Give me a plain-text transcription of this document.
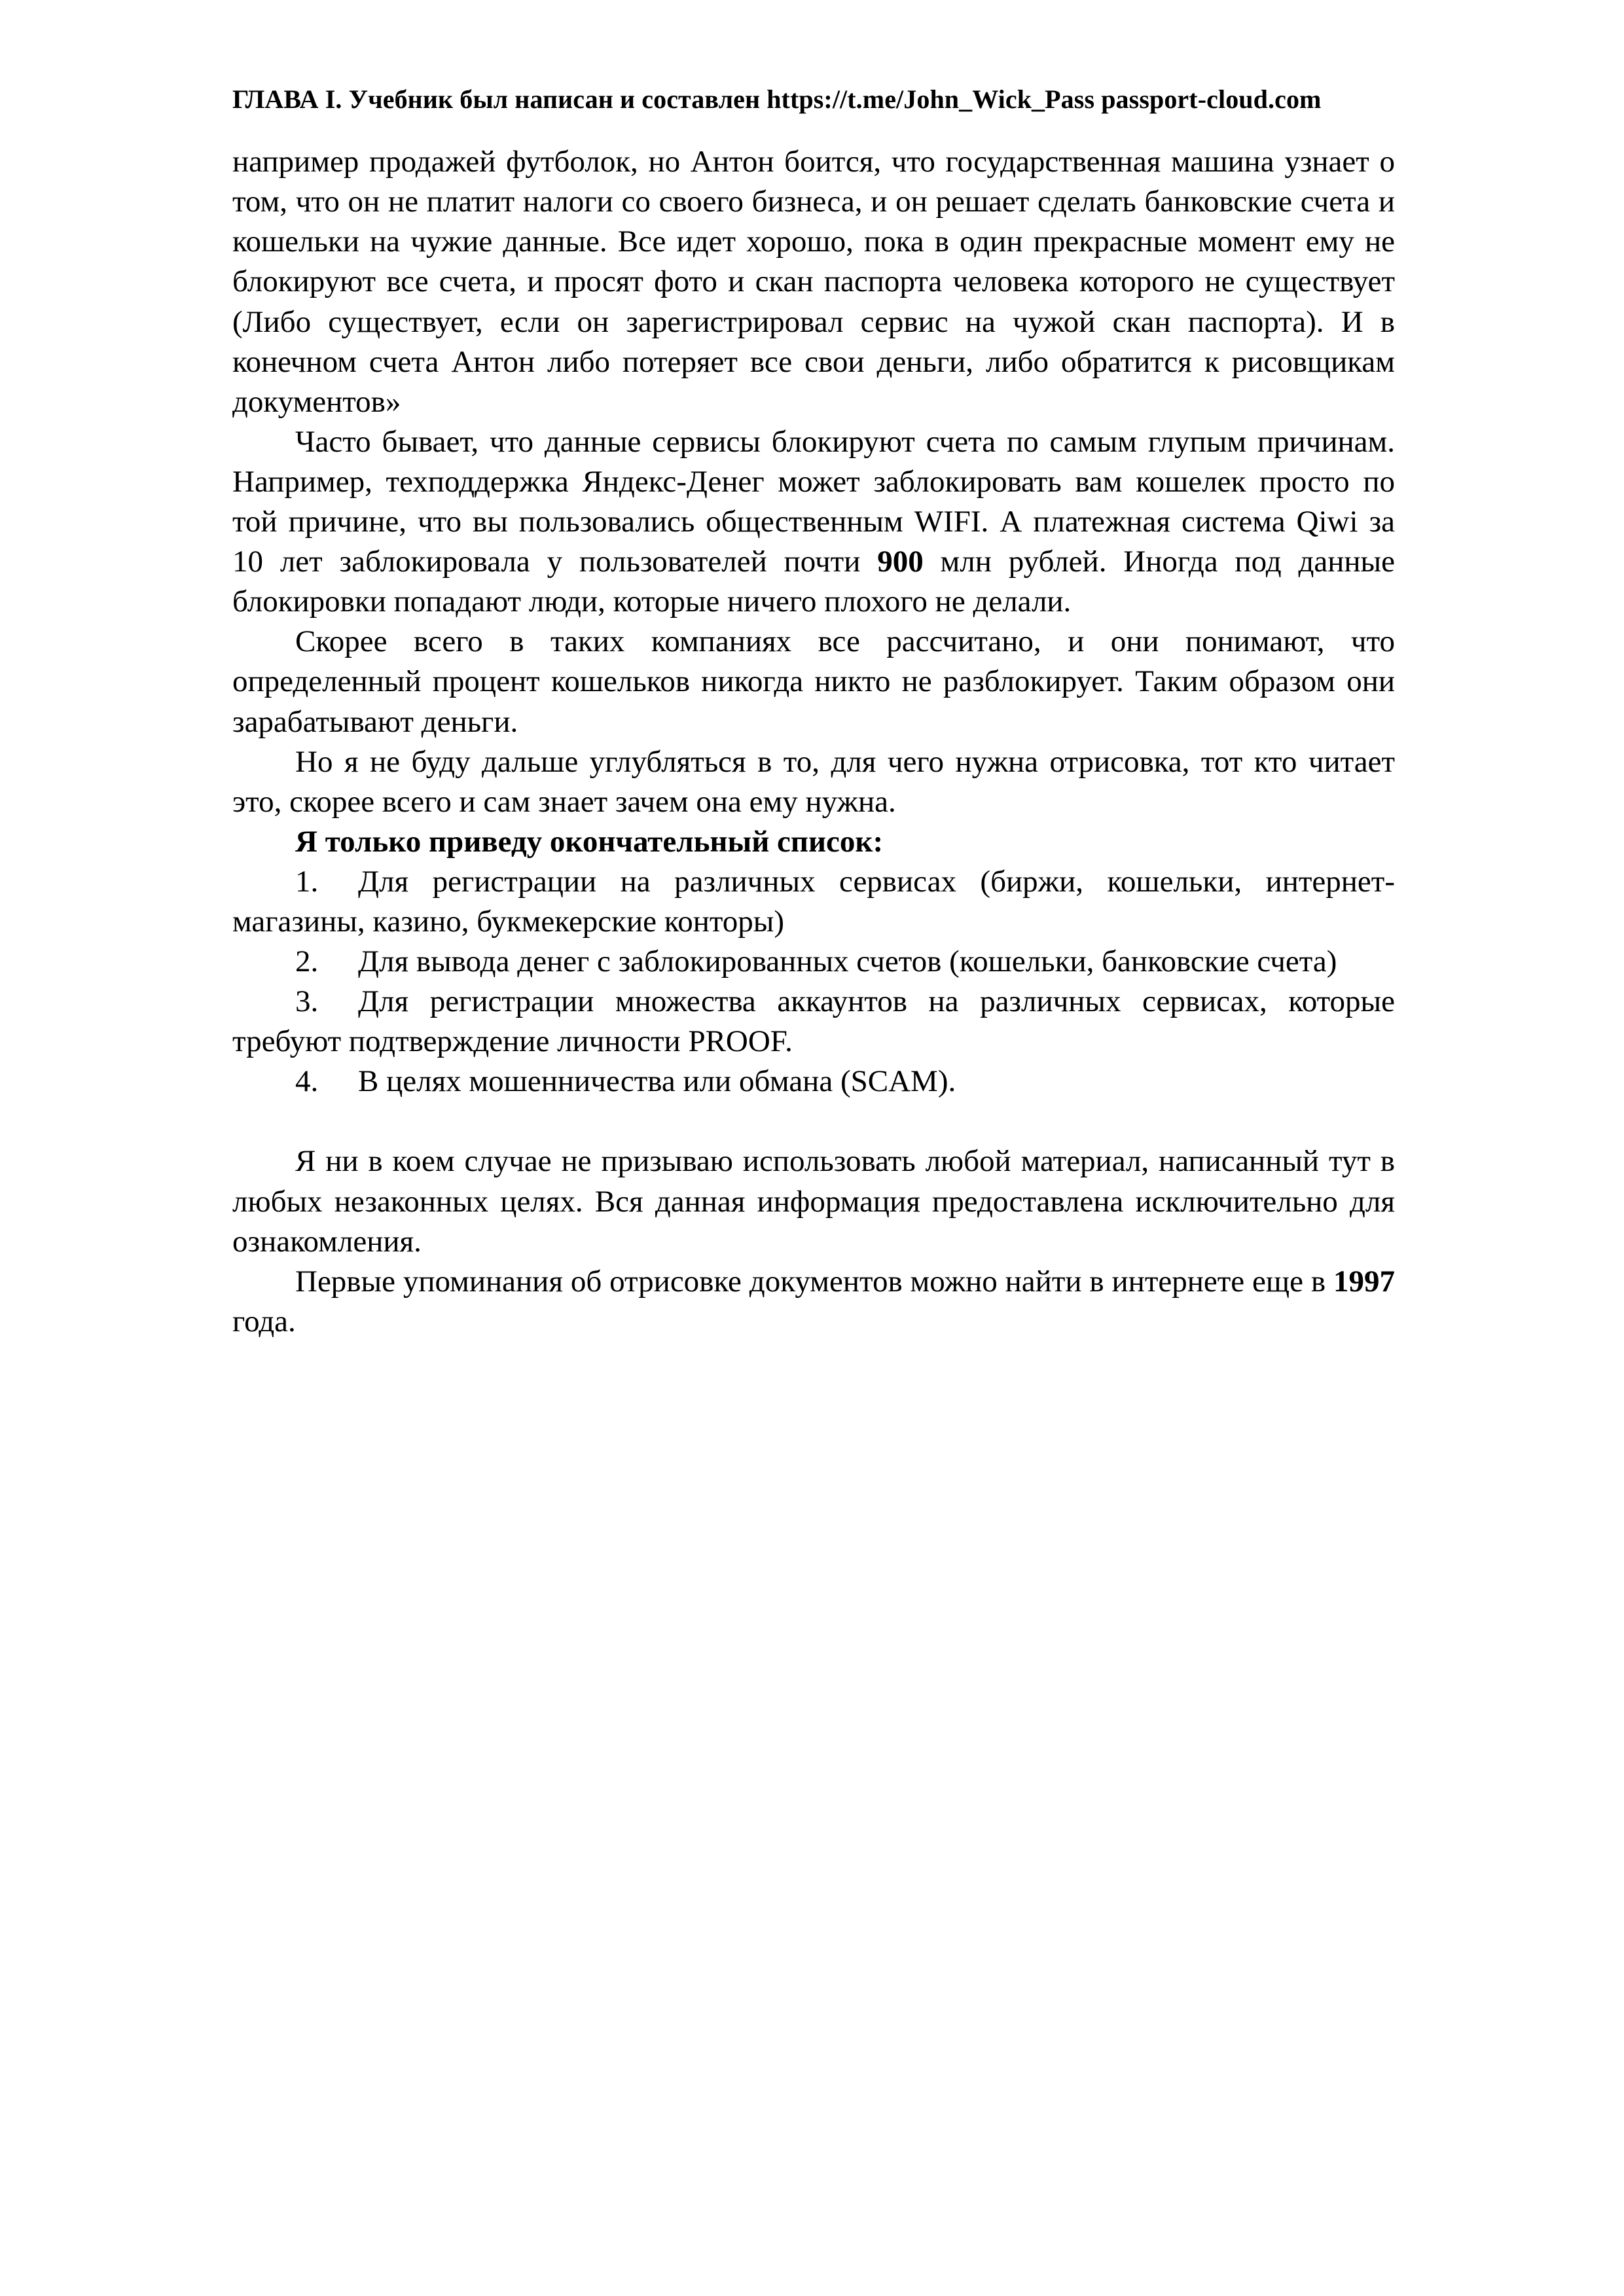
ГЛАВА I. Учебник был написан и составлен https://t.me/John_Wick_Pass passport-cloud.com

например продажей футболок, но Антон боится, что государственная машина узнает о том, что он не платит налоги со своего бизнеса, и он решает сделать банковские счета и кошельки на чужие данные. Все идет хорошо, пока в один прекрасные момент ему не блокируют все счета, и просят фото и скан паспорта человека которого не существует (Либо существует, если он зарегистрировал сервис на чужой скан паспорта). И в конечном счета Антон либо потеряет все свои деньги, либо обратится к рисовщикам документов»

Часто бывает, что данные сервисы блокируют счета по самым глупым причинам. Например, техподдержка Яндекс-Денег может заблокировать вам кошелек просто по той причине, что вы пользовались общественным WIFI. А платежная система Qiwi за 10 лет заблокировала у пользователей почти 900 млн рублей. Иногда под данные блокировки попадают люди, которые ничего плохого не делали.

Скорее всего в таких компаниях все рассчитано, и они понимают, что определенный процент кошельков никогда никто не разблокирует. Таким образом они зарабатывают деньги.

Но я не буду дальше углубляться в то, для чего нужна отрисовка, тот кто читает это, скорее всего и сам знает зачем она ему нужна.

Я только приведу окончательный список:

1. Для регистрации на различных сервисах (биржи, кошельки, интернет-магазины, казино, букмекерские конторы)

2. Для вывода денег с заблокированных счетов (кошельки, банковские счета)

3. Для регистрации множества аккаунтов на различных сервисах, которые требуют подтверждение личности PROOF.

4. В целях мошенничества или обмана (SCAM).

Я ни в коем случае не призываю использовать любой материал, написанный тут в любых незаконных целях. Вся данная информация предоставлена исключительно для ознакомления.

Первые упоминания об отрисовке документов можно найти в интернете еще в 1997 года.
